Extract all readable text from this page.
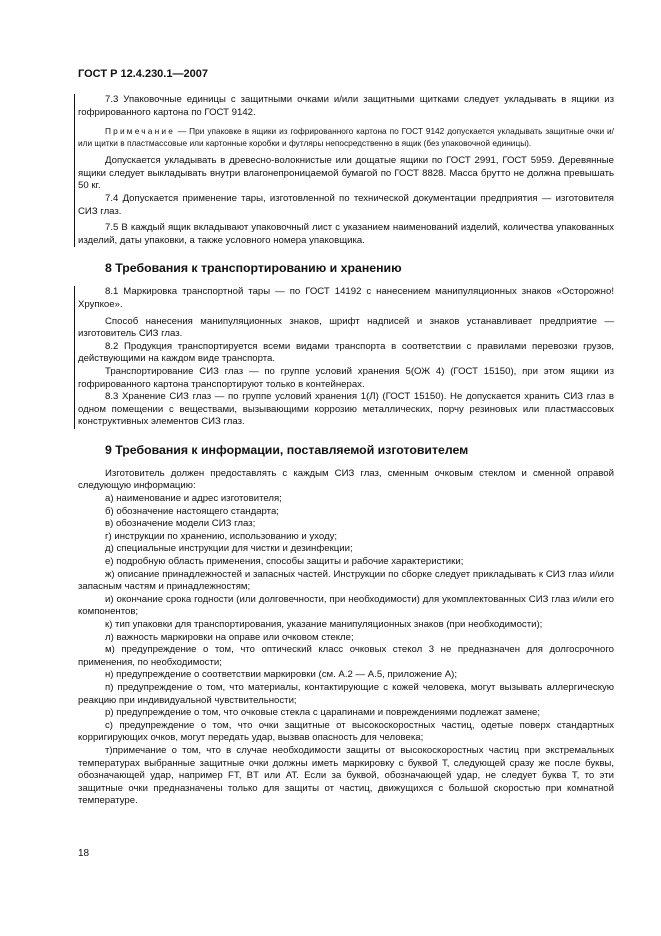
ГОСТ Р 12.4.230.1—2007

7.3 Упаковочные единицы с защитными очками и/или защитными щитками следует укладывать в ящики из гофрированного картона по ГОСТ 9142.

Примечание — При упаковке в ящики из гофрированного картона по ГОСТ 9142 допускается укладывать защитные очки и/или щитки в пластмассовые или картонные коробки и футляры непосредственно в ящик (без упаковочной единицы).

Допускается укладывать в древесно-волокнистые или дощатые ящики по ГОСТ 2991, ГОСТ 5959. Деревянные ящики следует выкладывать внутри влагонепроницаемой бумагой по ГОСТ 8828. Масса брутто не должна превышать 50 кг.

7.4 Допускается применение тары, изготовленной по технической документации предприятия — изготовителя СИЗ глаз.

7.5 В каждый ящик вкладывают упаковочный лист с указанием наименований изделий, количества упакованных изделий, даты упаковки, а также условного номера упаковщика.

8 Требования к транспортированию и хранению

8.1 Маркировка транспортной тары — по ГОСТ 14192 с нанесением манипуляционных знаков «Осторожно! Хрупкое».

Способ нанесения манипуляционных знаков, шрифт надписей и знаков устанавливает предприятие — изготовитель СИЗ глаз.

8.2 Продукция транспортируется всеми видами транспорта в соответствии с правилами перевозки грузов, действующими на каждом виде транспорта.

Транспортирование СИЗ глаз — по группе условий хранения 5(ОЖ 4) (ГОСТ 15150), при этом ящики из гофрированного картона транспортируют только в контейнерах.

8.3 Хранение СИЗ глаз — по группе условий хранения 1(Л) (ГОСТ 15150). Не допускается хранить СИЗ глаз в одном помещении с веществами, вызывающими коррозию металлических, порчу резиновых или пластмассовых конструктивных элементов СИЗ глаз.

9 Требования к информации, поставляемой изготовителем

Изготовитель должен предоставлять с каждым СИЗ глаз, сменным очковым стеклом и сменной оправой следующую информацию:

а) наименование и адрес изготовителя;

б) обозначение настоящего стандарта;

в) обозначение модели СИЗ глаз;

г) инструкции по хранению, использованию и уходу;

д) специальные инструкции для чистки и дезинфекции;

е) подробную область применения, способы защиты и рабочие характеристики;

ж) описание принадлежностей и запасных частей. Инструкции по сборке следует прикладывать к СИЗ глаз и/или запасным частям и принадлежностям;

и) окончание срока годности (или долговечности, при необходимости) для укомплектованных СИЗ глаз и/или его компонентов;

к) тип упаковки для транспортирования, указание манипуляционных знаков (при необходимости);

л) важность маркировки на оправе или очковом стекле;

м) предупреждение о том, что оптический класс очковых стекол 3 не предназначен для долгосрочного применения, по необходимости;

н) предупреждение о соответствии маркировки (см. А.2 — А.5, приложение А);

п) предупреждение о том, что материалы, контактирующие с кожей человека, могут вызывать аллергическую реакцию при индивидуальной чувствительности;

р) предупреждение о том, что очковые стекла с царапинами и повреждениями подлежат замене;

с) предупреждение о том, что очки защитные от высокоскоростных частиц, одетые поверх стандартных корригирующих очков, могут передать удар, вызвав опасность для человека;

т)примечание о том, что в случае необходимости защиты от высокоскоростных частиц при экстремальных температурах выбранные защитные очки должны иметь маркировку с буквой Т, следующей сразу же после буквы, обозначающей удар, например FT, BT или АТ. Если за буквой, обозначающей удар, не следует буква Т, то эти защитные очки предназначены только для защиты от частиц, движущихся с большой скоростью при комнатной температуре.

18
